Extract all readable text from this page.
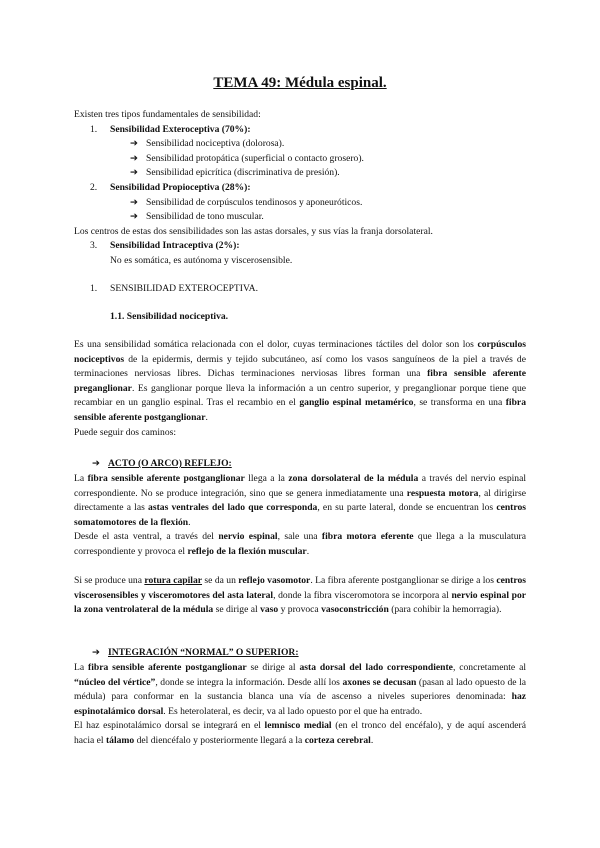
TEMA 49: Médula espinal.
Existen tres tipos fundamentales de sensibilidad:
1. Sensibilidad Exteroceptiva (70%):
➔ Sensibilidad nociceptiva (dolorosa).
➔ Sensibilidad protopática (superficial o contacto grosero).
➔ Sensibilidad epicrítica (discriminativa de presión).
2. Sensibilidad Propioceptiva (28%):
➔ Sensibilidad de corpúsculos tendinosos y aponeuróticos.
➔ Sensibilidad de tono muscular.
Los centros de estas dos sensibilidades son las astas dorsales, y sus vías la franja dorsolateral.
3. Sensibilidad Intraceptiva (2%):
No es somática, es autónoma y viscerosensible.
1. SENSIBILIDAD EXTEROCEPTIVA.
1.1. Sensibilidad nociceptiva.

Es una sensibilidad somática relacionada con el dolor, cuyas terminaciones táctiles del dolor son los corpúsculos nociceptivos de la epidermis, dermis y tejido subcutáneo, así como los vasos sanguíneos de la piel a través de terminaciones nerviosas libres. Dichas terminaciones nerviosas libres forman una fibra sensible aferente preganglionar. Es ganglionar porque lleva la información a un centro superior, y preganglionar porque tiene que recambiar en un ganglio espinal. Tras el recambio en el ganglio espinal metamérico, se transforma en una fibra sensible aferente postganglionar.

Puede seguir dos caminos:
➔ ACTO (O ARCO) REFLEJO:

La fibra sensible aferente postganglionar llega a la zona dorsolateral de la médula a través del nervio espinal correspondiente. No se produce integración, sino que se genera inmediatamente una respuesta motora, al dirigirse directamente a las astas ventrales del lado que corresponda, en su parte lateral, donde se encuentran los centros somatomotores de la flexión.

Desde el asta ventral, a través del nervio espinal, sale una fibra motora eferente que llega a la musculatura correspondiente y provoca el reflejo de la flexión muscular.

Si se produce una rotura capilar se da un reflejo vasomotor. La fibra aferente postganglionar se dirige a los centros viscerosensibles y visceromotores del asta lateral, donde la fibra visceromotora se incorpora al nervio espinal por la zona ventrolateral de la médula se dirige al vaso y provoca vasoconstricción (para cohibir la hemorragia).

➔ INTEGRACIÓN “NORMAL” O SUPERIOR:

La fibra sensible aferente postganglionar se dirige al asta dorsal del lado correspondiente, concretamente al “núcleo del vértice”, donde se integra la información. Desde allí los axones se decusan (pasan al lado opuesto de la médula) para conformar en la sustancia blanca una vía de ascenso a niveles superiores denominada: haz espinotalámico dorsal. Es heterolateral, es decir, va al lado opuesto por el que ha entrado.

El haz espinotalámico dorsal se integrará en el lemnisco medial (en el tronco del encéfalo), y de aquí ascenderá hacia el tálamo del diencéfalo y posteriormente llegará a la corteza cerebral.
